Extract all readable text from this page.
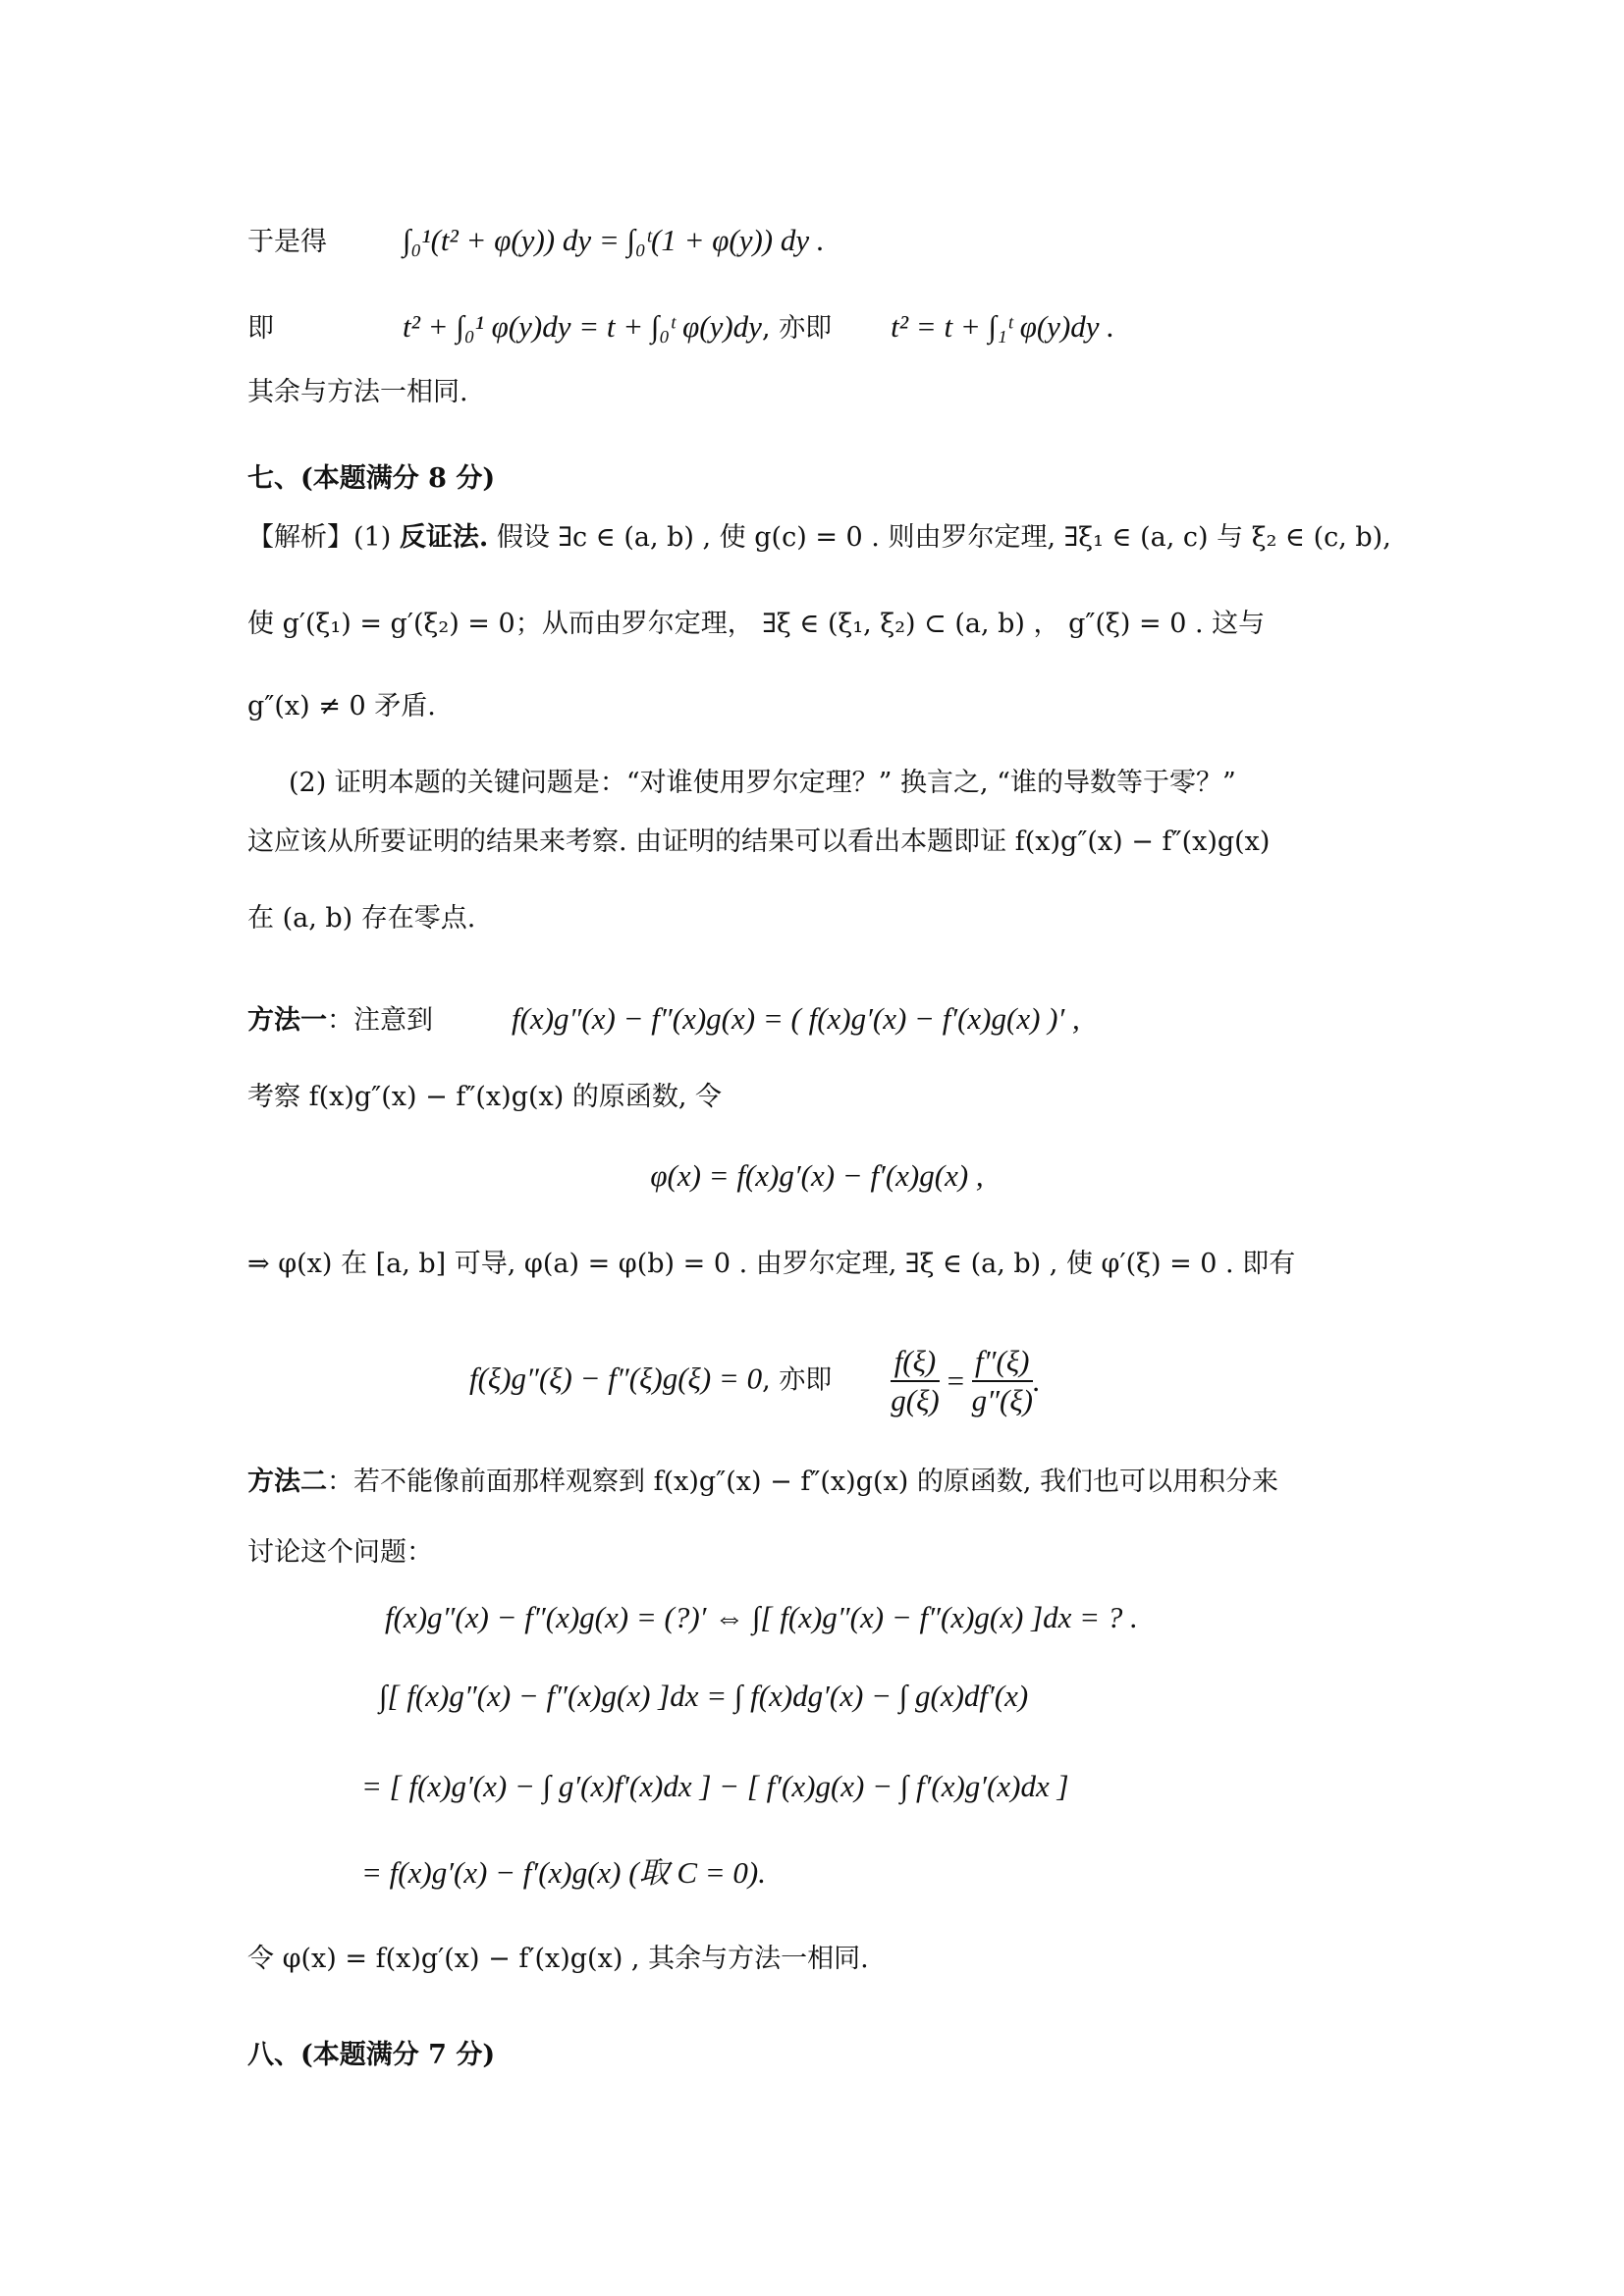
于是得 ∫₀¹(t² + φ(y)) dy = ∫₀ᵗ(1 + φ(y)) dy .
即	t² + ∫₀¹ φ(y)dy = t + ∫₀ᵗ φ(y)dy, 亦即 t² = t + ∫₁ᵗ φ(y)dy .
其余与方法一相同.
七、(本题满分 8 分)
【解析】(1) 反证法. 假设 ∃c ∈ (a, b) , 使 g(c) = 0 . 则由罗尔定理, ∃ξ₁ ∈ (a, c) 与 ξ₂ ∈ (c, b),
使 g′(ξ₁) = g′(ξ₂) = 0；从而由罗尔定理， ∃ξ ∈ (ξ₁, ξ₂) ⊂ (a, b) ， g″(ξ) = 0 . 这与
g″(x) ≠ 0 矛盾.
(2) 证明本题的关键问题是：“对谁使用罗尔定理？” 换言之, “谁的导数等于零？”
这应该从所要证明的结果来考察. 由证明的结果可以看出本题即证 f(x)g″(x) − f″(x)g(x)
在 (a, b) 存在零点.
方法一：注意到	f(x)g″(x) − f″(x)g(x) = ( f(x)g′(x) − f′(x)g(x) )′ ,
考察 f(x)g″(x) − f″(x)g(x) 的原函数, 令
φ(x) = f(x)g′(x) − f′(x)g(x) ,
⇒ φ(x) 在 [a, b] 可导, φ(a) = φ(b) = 0 . 由罗尔定理, ∃ξ ∈ (a, b) , 使 φ′(ξ) = 0 . 即有
f(ξ)g″(ξ) − f″(ξ)g(ξ) = 0, 亦即 $\frac{f(\xi)}{g(\xi)} = \frac{f''(\xi)}{g''(\xi)}$ .
方法二：若不能像前面那样观察到 f(x)g″(x) − f″(x)g(x) 的原函数, 我们也可以用积分来
讨论这个问题：
f(x)g″(x) − f″(x)g(x) = (?)′ ⇔ ∫[ f(x)g″(x) − f″(x)g(x) ]dx = ? .
∫[ f(x)g″(x) − f″(x)g(x) ]dx = ∫ f(x)dg′(x) − ∫ g(x)df′(x)
= [ f(x)g′(x) − ∫ g′(x)f′(x)dx ] − [ f′(x)g(x) − ∫ f′(x)g′(x)dx ]
= f(x)g′(x) − f′(x)g(x) (取 C = 0).
令 φ(x) = f(x)g′(x) − f′(x)g(x) , 其余与方法一相同.
八、(本题满分 7 分)
